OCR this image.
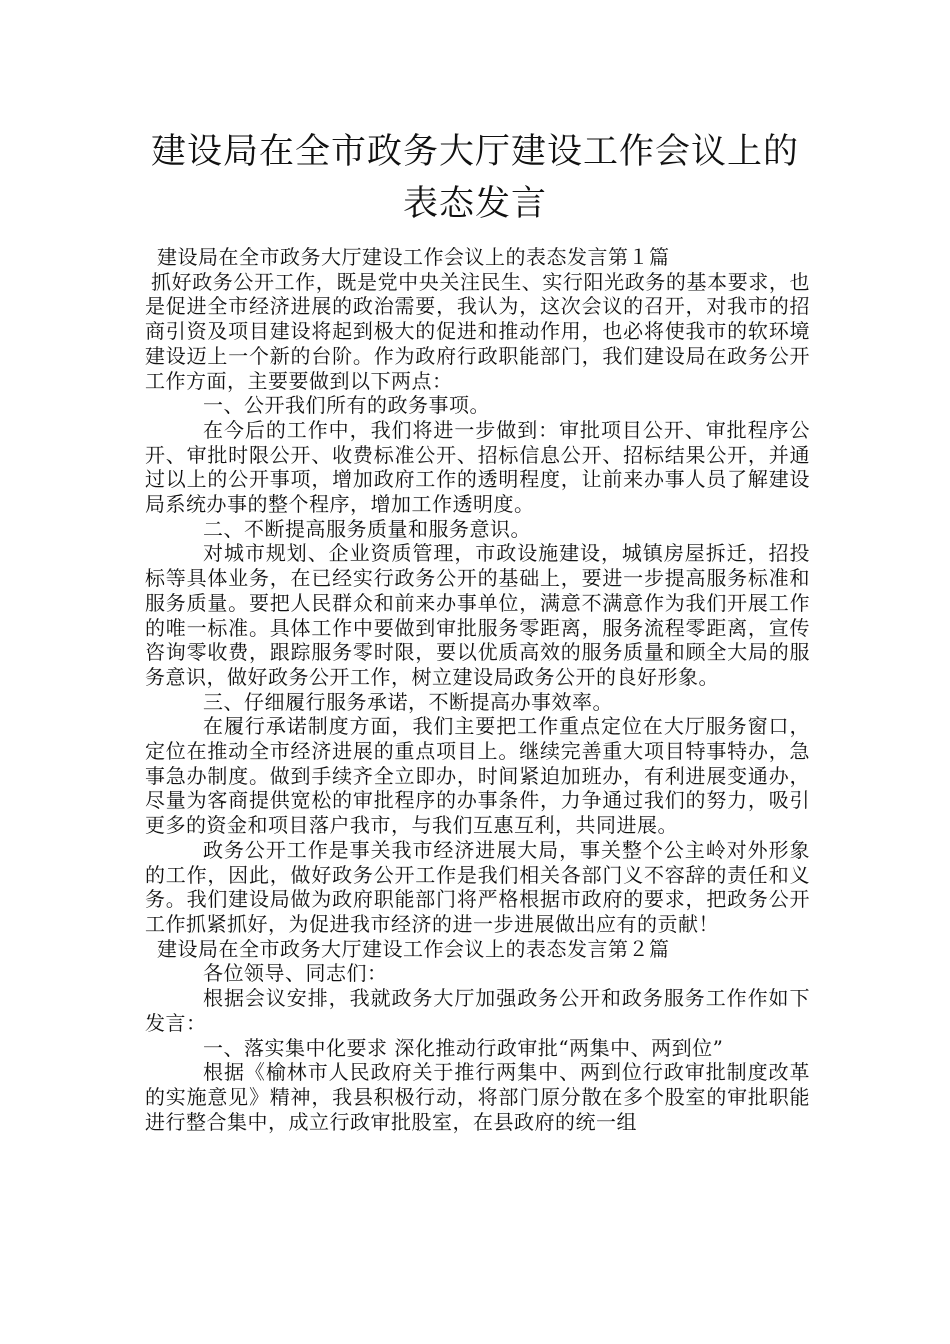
建设局在全市政务大厅建设工作会议上的
表态发言

建设局在全市政务大厅建设工作会议上的表态发言第１篇

抓好政务公开工作，既是党中央关注民生、实行阳光政务的基本要求，也是促进全市经济进展的政治需要，我认为，这次会议的召开，对我市的招商引资及项目建设将起到极大的促进和推动作用，也必将使我市的软环境建设迈上一个新的台阶。作为政府行政职能部门，我们建设局在政务公开工作方面，主要要做到以下两点：

一、公开我们所有的政务事项。

在今后的工作中，我们将进一步做到：审批项目公开、审批程序公开、审批时限公开、收费标准公开、招标信息公开、招标结果公开，并通过以上的公开事项，增加政府工作的透明程度，让前来办事人员了解建设局系统办事的整个程序，增加工作透明度。

二、不断提高服务质量和服务意识。

对城市规划、企业资质管理，市政设施建设，城镇房屋拆迁，招投标等具体业务，在已经实行政务公开的基础上，要进一步提高服务标准和服务质量。要把人民群众和前来办事单位，满意不满意作为我们开展工作的唯一标准。具体工作中要做到审批服务零距离，服务流程零距离，宣传咨询零收费，跟踪服务零时限，要以优质高效的服务质量和顾全大局的服务意识，做好政务公开工作，树立建设局政务公开的良好形象。

三、仔细履行服务承诺，不断提高办事效率。

在履行承诺制度方面，我们主要把工作重点定位在大厅服务窗口，定位在推动全市经济进展的重点项目上。继续完善重大项目特事特办，急事急办制度。做到手续齐全立即办，时间紧迫加班办，有利进展变通办，尽量为客商提供宽松的审批程序的办事条件，力争通过我们的努力，吸引更多的资金和项目落户我市，与我们互惠互利，共同进展。

政务公开工作是事关我市经济进展大局，事关整个公主岭对外形象的工作，因此，做好政务公开工作是我们相关各部门义不容辞的责任和义务。我们建设局做为政府职能部门将严格根据市政府的要求，把政务公开工作抓紧抓好，为促进我市经济的进一步进展做出应有的贡献！

建设局在全市政务大厅建设工作会议上的表态发言第２篇

各位领导、同志们：

根据会议安排，我就政务大厅加强政务公开和政务服务工作作如下发言：

一、落实集中化要求 深化推动行政审批“两集中、两到位”

根据《榆林市人民政府关于推行两集中、两到位行政审批制度改革的实施意见》精神，我县积极行动，将部门原分散在多个股室的审批职能进行整合集中，成立行政审批股室，在县政府的统一组
